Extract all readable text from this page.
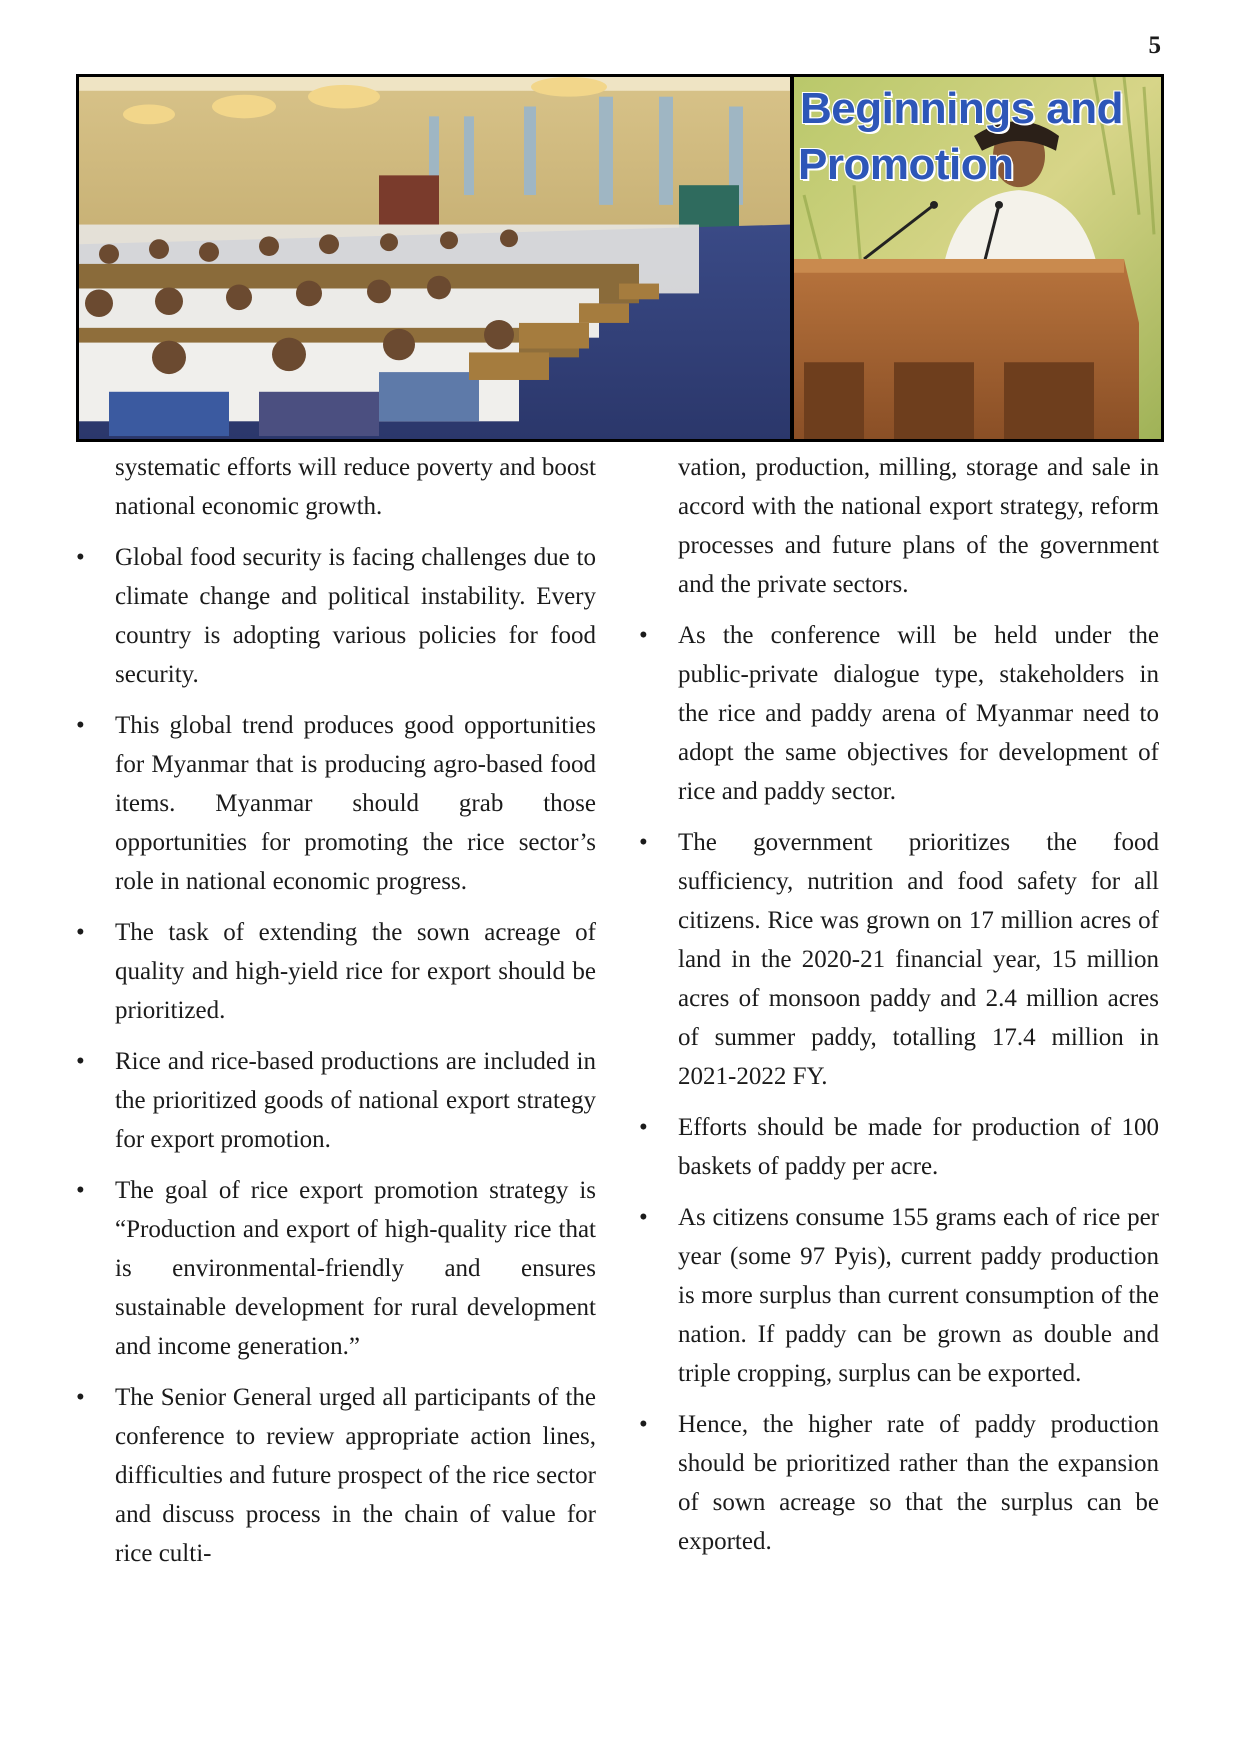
5
Beginnings and
Promotion

systematic efforts will reduce poverty and boost national economic growth.

•	Global food security is facing challenges due to climate change and political instability. Every country is adopting various policies for food security.
•	This global trend produces good opportunities for Myanmar that is producing agro-based food items. Myanmar should grab those opportunities for promoting the rice sector’s role in national economic progress.
•	The task of extending the sown acreage of quality and high-yield rice for export should be prioritized.
•	Rice and rice-based productions are included in the prioritized goods of national export strategy for export promotion.
•	The goal of rice export promotion strategy is “Production and export of high-quality rice that is environmental-friendly and ensures sustainable development for rural development and income generation.”
•	The Senior General urged all participants of the conference to review appropriate action lines, difficulties and future prospect of the rice sector and discuss process in the chain of value for rice culti-

vation, production, milling, storage and sale in accord with the national export strategy, reform processes and future plans of the government and the private sectors.

•	As the conference will be held under the public-private dialogue type, stakeholders in the rice and paddy arena of Myanmar need to adopt the same objectives for development of rice and paddy sector.
•	The government prioritizes the food sufficiency, nutrition and food safety for all citizens. Rice was grown on 17 million acres of land in the 2020-21 financial year, 15 million acres of monsoon paddy and 2.4 million acres of summer paddy, totalling 17.4 million in 2021-2022 FY.
•	Efforts should be made for production of 100 baskets of paddy per acre.
•	As citizens consume 155 grams each of rice per year (some 97 Pyis), current paddy production is more surplus than current consumption of the nation. If paddy can be grown as double and triple cropping, surplus can be exported.
•	Hence, the higher rate of paddy production should be prioritized rather than the expansion of sown acreage so that the surplus can be exported.
